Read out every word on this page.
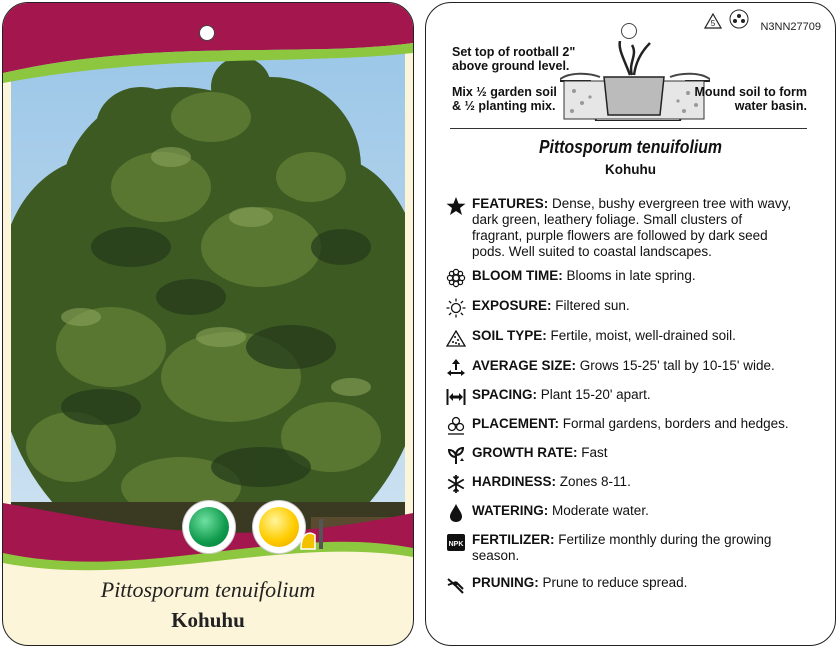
Pittosporum tenuifolium
Kohuhu
5	N3NN27709
Set top of rootball 2"
above ground level.
Mix ½ garden soil
& ½ planting mix.
Mound soil to form
water basin.
Pittosporum tenuifolium
Kohuhu
FEATURES: Dense, bushy evergreen tree with wavy,
dark green, leathery foliage. Small clusters of
fragrant, purple flowers are followed by dark seed
pods. Well suited to coastal landscapes.
BLOOM TIME: Blooms in late spring.
EXPOSURE: Filtered sun.
SOIL TYPE: Fertile, moist, well-drained soil.
AVERAGE SIZE: Grows 15-25' tall by 10-15' wide.
SPACING: Plant 15-20' apart.
PLACEMENT: Formal gardens, borders and hedges.
GROWTH RATE: Fast
HARDINESS: Zones 8-11.
WATERING: Moderate water.
NPK FERTILIZER: Fertilize monthly during the growing
season.
PRUNING: Prune to reduce spread.
